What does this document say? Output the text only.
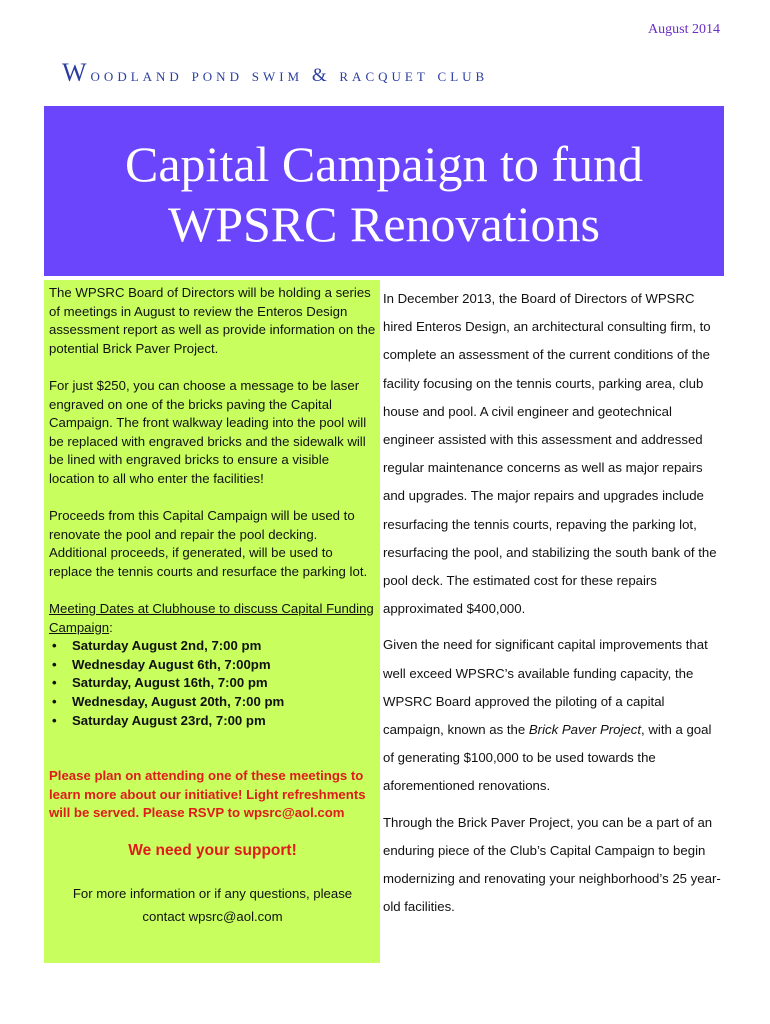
August 2014
Woodland pond swim & racquet club
Capital Campaign to fund
WPSRC Renovations

The WPSRC Board of Directors will be holding a series of meetings in August to review the Enteros Design assessment report as well as provide information on the potential Brick Paver Project.

For just $250, you can choose a message to be laser engraved on one of the bricks paving the Capital Campaign. The front walkway leading into the pool will be replaced with engraved bricks and the sidewalk will be lined with engraved bricks to ensure a visible location to all who enter the facilities!

Proceeds from this Capital Campaign will be used to renovate the pool and repair the pool decking. Additional proceeds, if generated, will be used to replace the tennis courts and resurface the parking lot.

Meeting Dates at Clubhouse to discuss Capital Funding Campaign:

• Saturday August 2nd, 7:00 pm
• Wednesday August 6th, 7:00pm
• Saturday, August 16th, 7:00 pm
• Wednesday, August 20th, 7:00 pm
• Saturday August 23rd, 7:00 pm

Please plan on attending one of these meetings to learn more about our initiative! Light refreshments will be served. Please RSVP to wpsrc@aol.com

We need your support!

For more information or if any questions, please
contact wpsrc@aol.com

In December 2013, the Board of Directors of WPSRC hired Enteros Design, an architectural consulting firm, to complete an assessment of the current conditions of the facility focusing on the tennis courts, parking area, club house and pool. A civil engineer and geotechnical engineer assisted with this assessment and addressed regular maintenance concerns as well as major repairs and upgrades. The major repairs and upgrades include resurfacing the tennis courts, repaving the parking lot, resurfacing the pool, and stabilizing the south bank of the pool deck. The estimated cost for these repairs approximated $400,000.

Given the need for significant capital improvements that well exceed WPSRC’s available funding capacity, the WPSRC Board approved the piloting of a capital campaign, known as the Brick Paver Project, with a goal of generating $100,000 to be used towards the aforementioned renovations.

Through the Brick Paver Project, you can be a part of an enduring piece of the Club’s Capital Campaign to begin modernizing and renovating your neighborhood’s 25 year-old facilities.
